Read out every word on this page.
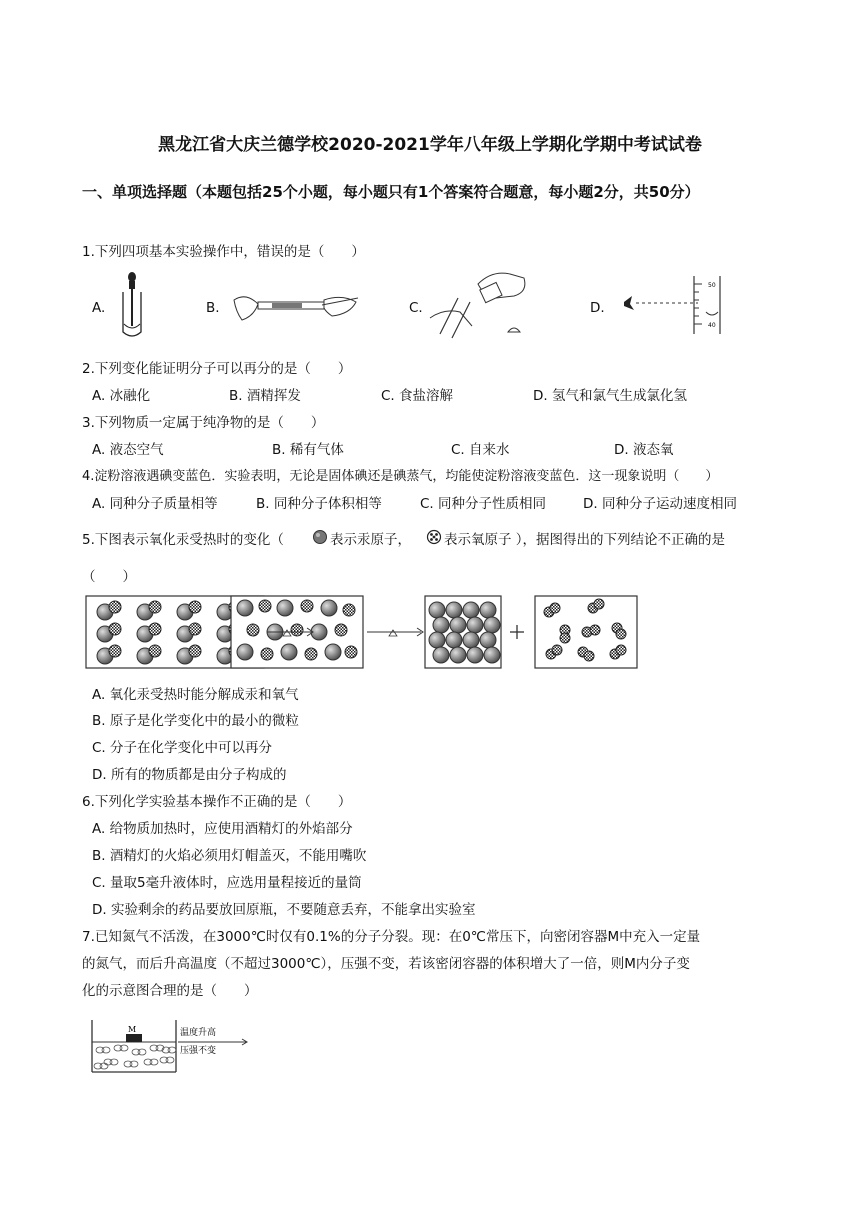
黑龙江省大庆兰德学校2020-2021学年八年级上学期化学期中考试试卷
一、单项选择题（本题包括25个小题，每小题只有1个答案符合题意，每小题2分，共50分）
1.下列四项基本实验操作中，错误的是（　　）
A.	B.	C.	D.
50
40
2.下列变化能证明分子可以再分的是（　　）
A. 冰融化	B. 酒精挥发	C. 食盐溶解	D. 氢气和氯气生成氯化氢
3.下列物质一定属于纯净物的是（　　）
A. 液态空气	B. 稀有气体	C. 自来水	D. 液态氧
4.淀粉溶液遇碘变蓝色．实验表明，无论是固体碘还是碘蒸气，均能使淀粉溶液变蓝色．这一现象说明（　　）
A. 同种分子质量相等	B. 同种分子体积相等	C. 同种分子性质相同	D. 同种分子运动速度相同
5.下图表示氧化汞受热时的变化（	表示汞原子， 表示氧原子 ），据图得出的下列结论不正确的是
（　　）
A. 氧化汞受热时能分解成汞和氧气
B. 原子是化学变化中的最小的微粒
C. 分子在化学变化中可以再分
D. 所有的物质都是由分子构成的
6.下列化学实验基本操作不正确的是（　　）
A. 给物质加热时，应使用酒精灯的外焰部分
B. 酒精灯的火焰必须用灯帽盖灭，不能用嘴吹
C. 量取5毫升液体时，应选用量程接近的量筒
D. 实验剩余的药品要放回原瓶，不要随意丢弃，不能拿出实验室
7.已知氮气不活泼，在3000℃时仅有0.1%的分子分裂。现：在0℃常压下，向密闭容器M中充入一定量
的氮气，而后升高温度（不超过3000℃），压强不变，若该密闭容器的体积增大了一倍，则M内分子变
化的示意图合理的是（　　）
M	温度升高
压强不变
